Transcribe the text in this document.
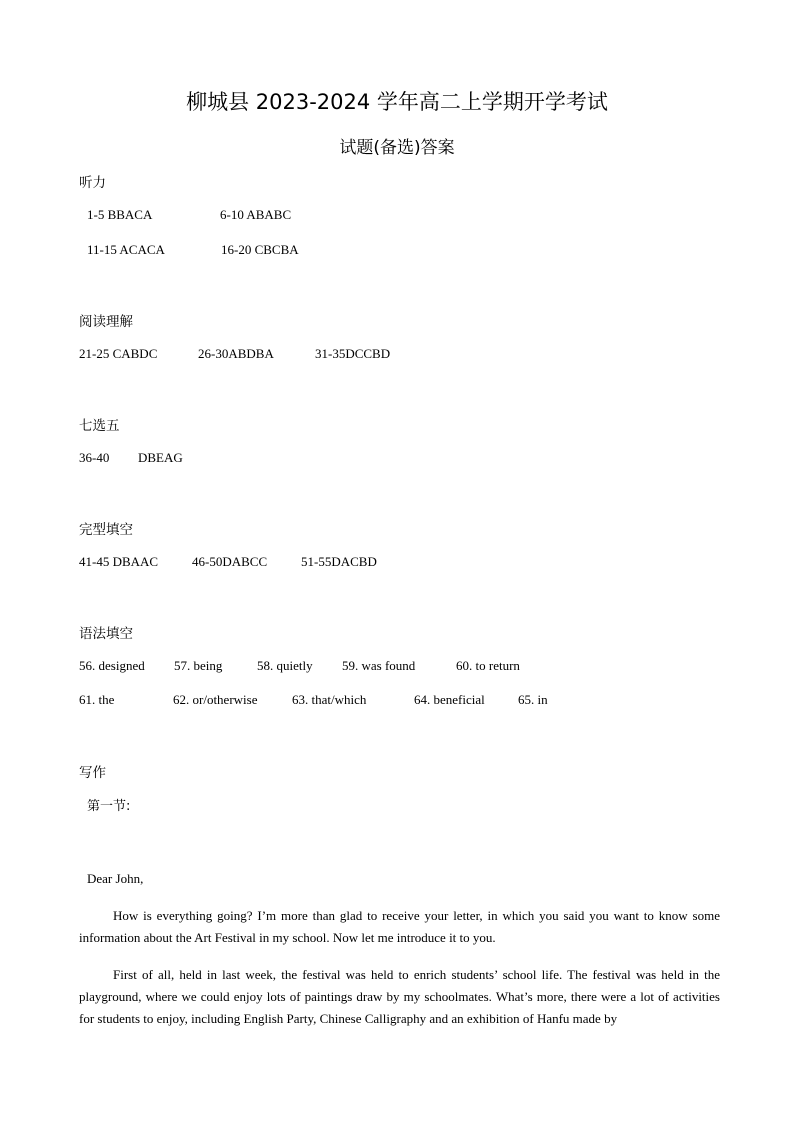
柳城县 2023-2024 学年高二上学期开学考试
试题(备选)答案
听力
1-5 BBACA	6-10 ABABC
11-15 ACACA	16-20 CBCBA
阅读理解
21-25 CABDC	26-30ABDBA	31-35DCCBD
七选五
36-40 DBEAG
完型填空
41-45 DBAAC	46-50DABCC	51-55DACBD
语法填空
56. designed 57. being	58. quietly 59. was found	60. to return
61. the	62. or/otherwise	63. that/which	64. beneficial	65. in
写作
第一节:
Dear John,

How is everything going? I’m more than glad to receive your letter, in which you said you want to know some information about the Art Festival in my school. Now let me introduce it to you.

First of all, held in last week, the festival was held to enrich students’ school life. The festival was held in the playground, where we could enjoy lots of paintings draw by my schoolmates. What’s more, there were a lot of activities for students to enjoy, including English Party, Chinese Calligraphy and an exhibition of Hanfu made by
